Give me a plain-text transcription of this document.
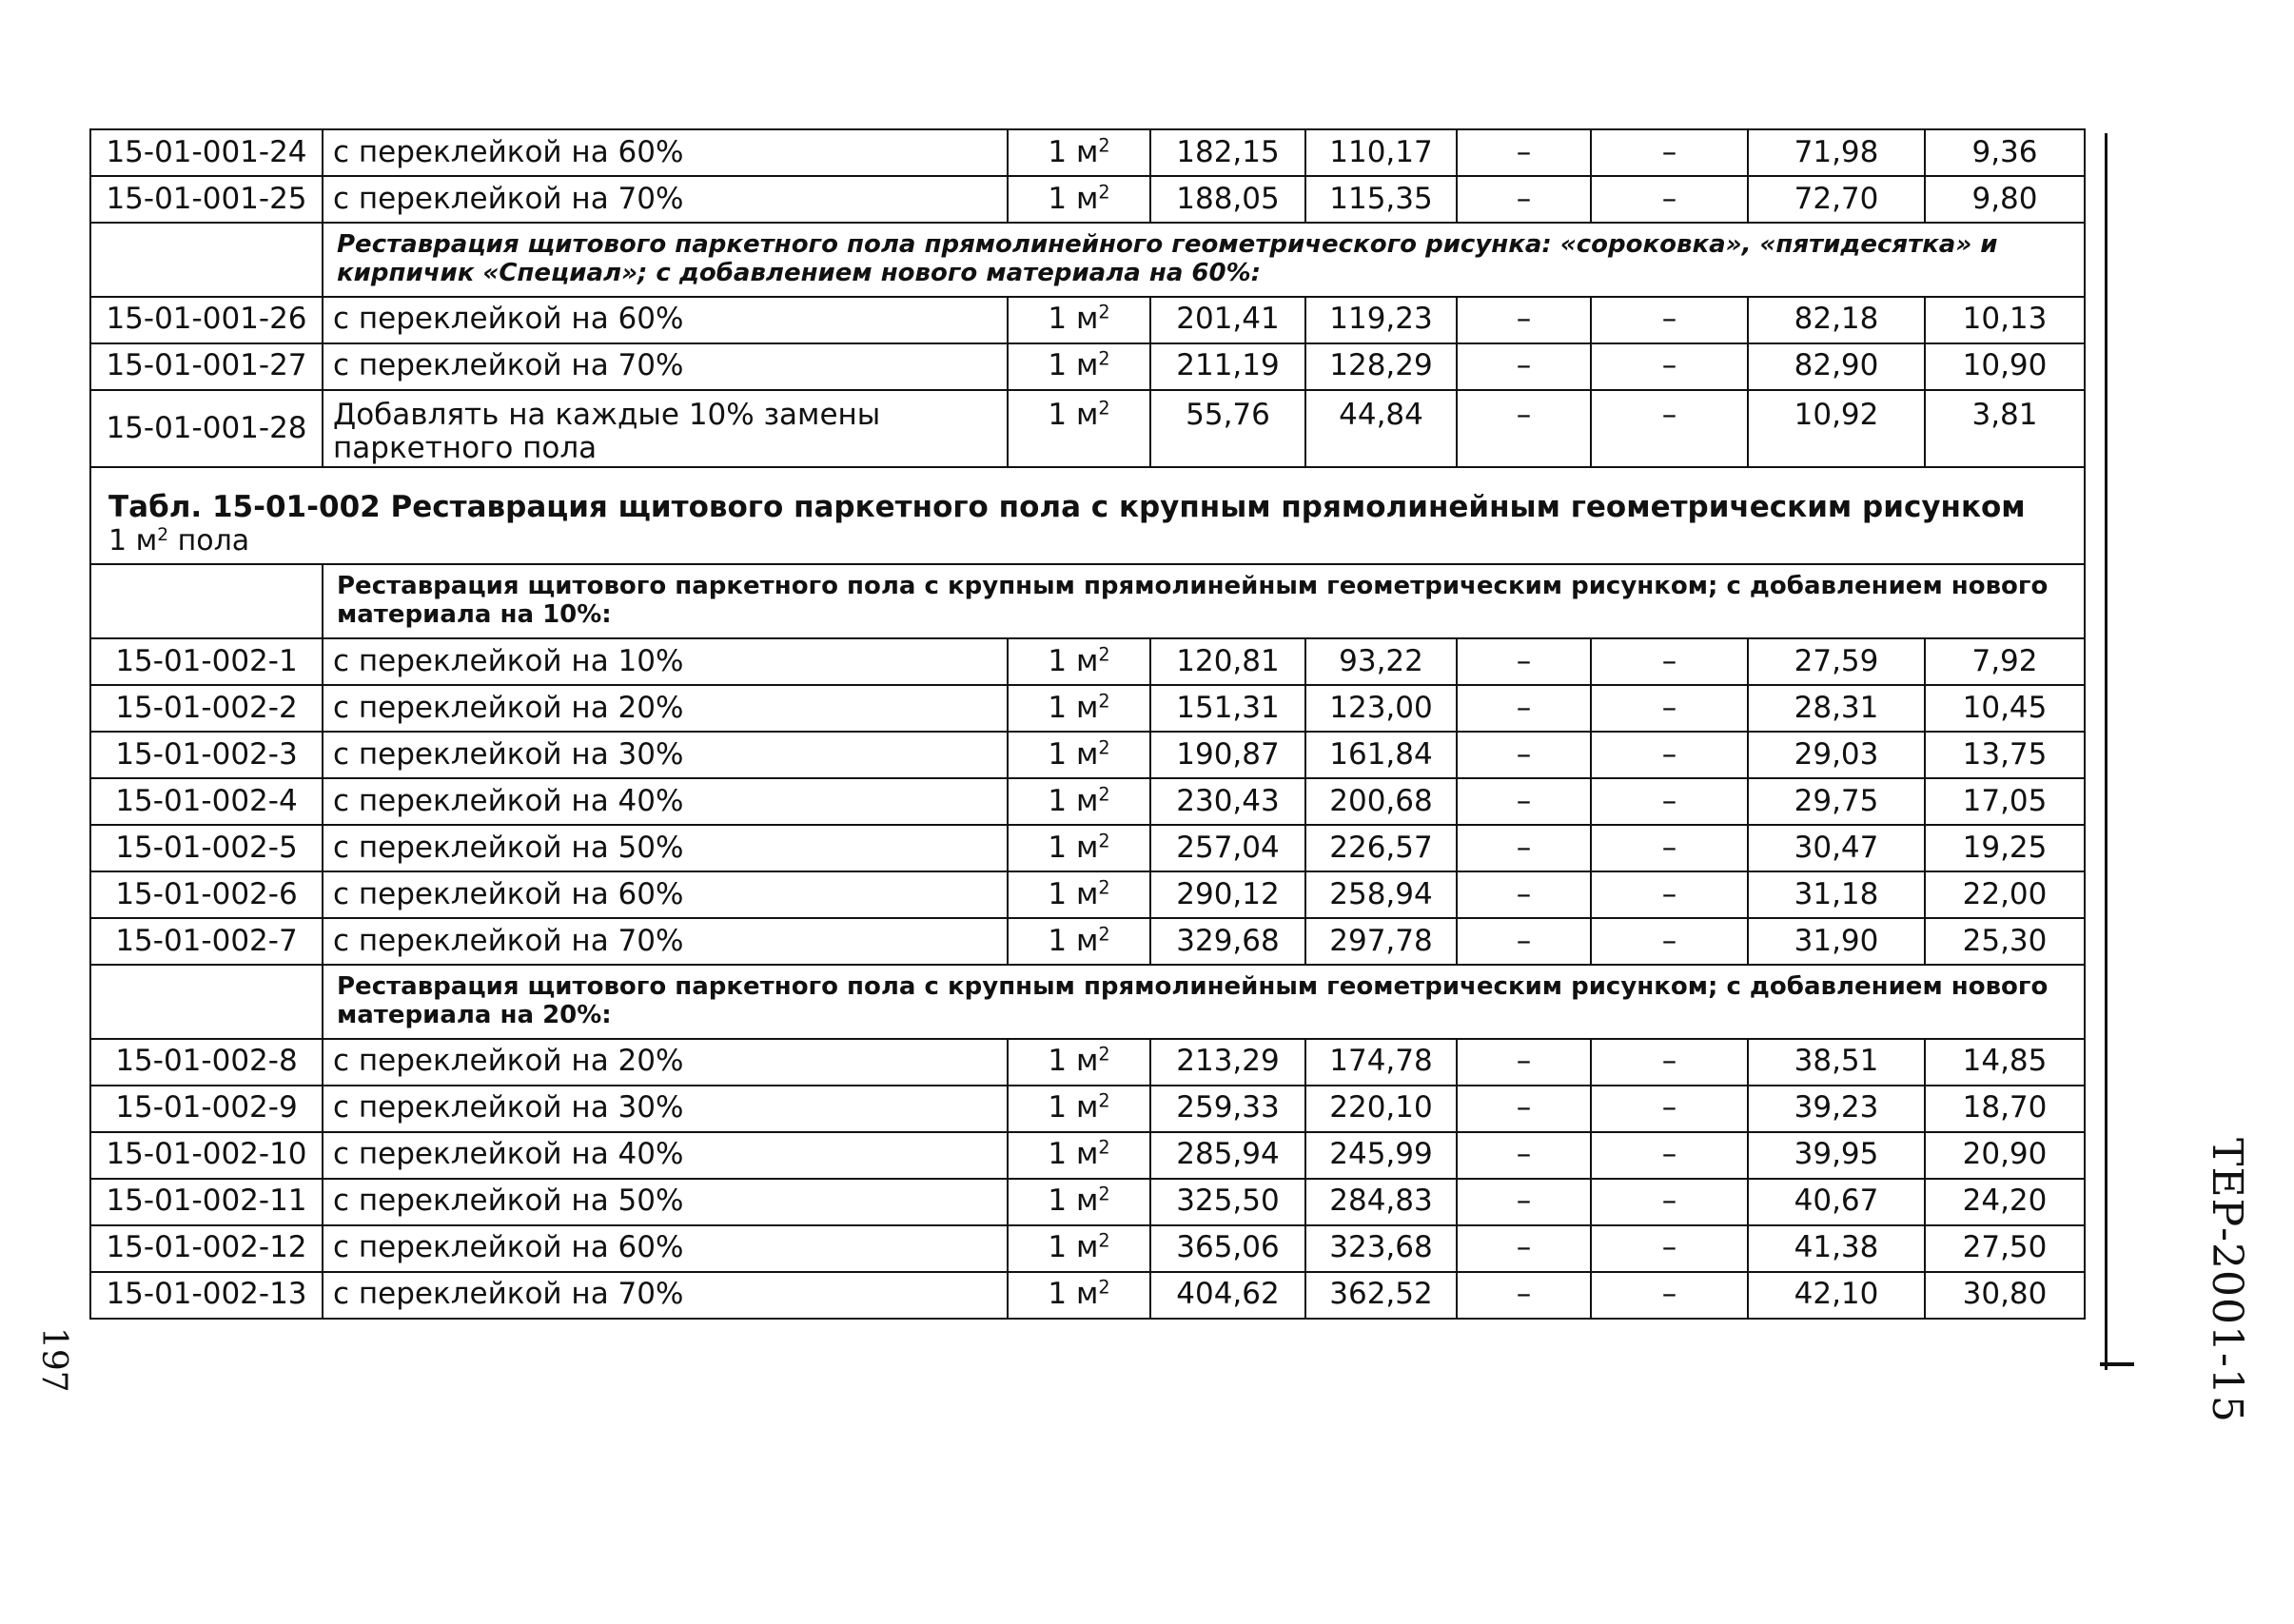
197	ТЕР-2001-15
15-01-001-24	с переклейкой на 60%	1 $м^2$	182,15	110,17	–	–	71,98	9,36
15-01-001-25	с переклейкой на 70%	1 $м^2$	188,05	115,35	–	–	72,70	9,80
	Реставрация щитового паркетного пола прямолинейного геометрического рисунка: «сороковка», «пятидесятка» и кирпичик «Специал»; с добавлением нового материала на 60%:							
15-01-001-26	с переклейкой на 60%	1 $м^2$	201,41	119,23	–	–	82,18	10,13
15-01-001-27	с переклейкой на 70%	1 $м^2$	211,19	128,29	–	–	82,90	10,90
15-01-001-28	Добавлять на каждые 10% замены паркетного пола	1 $м^2$	55,76	44,84	–	–	10,92	3,81

Табл. 15-01-002 Реставрация щитового паркетного пола с крупным прямолинейным геометрическим рисунком
1 $м^2$ пола								

	Реставрация щитового паркетного пола с крупным прямолинейным геометрическим рисунком; с добавлением нового материала на 10%:							
15-01-002-1	с переклейкой на 10%	1 $м^2$	120,81	93,22	–	–	27,59	7,92
15-01-002-2	с переклейкой на 20%	1 $м^2$	151,31	123,00	–	–	28,31	10,45
15-01-002-3	с переклейкой на 30%	1 $м^2$	190,87	161,84	–	–	29,03	13,75
15-01-002-4	с переклейкой на 40%	1 $м^2$	230,43	200,68	–	–	29,75	17,05
15-01-002-5	с переклейкой на 50%	1 $м^2$	257,04	226,57	–	–	30,47	19,25
15-01-002-6	с переклейкой на 60%	1 $м^2$	290,12	258,94	–	–	31,18	22,00
15-01-002-7	с переклейкой на 70%	1 $м^2$	329,68	297,78	–	–	31,90	25,30
	Реставрация щитового паркетного пола с крупным прямолинейным геометрическим рисунком; с добавлением нового материала на 20%:							
15-01-002-8	с переклейкой на 20%	1 $м^2$	213,29	174,78	–	–	38,51	14,85
15-01-002-9	с переклейкой на 30%	1 $м^2$	259,33	220,10	–	–	39,23	18,70
15-01-002-10	с переклейкой на 40%	1 $м^2$	285,94	245,99	–	–	39,95	20,90
15-01-002-11	с переклейкой на 50%	1 $м^2$	325,50	284,83	–	–	40,67	24,20
15-01-002-12	с переклейкой на 60%	1 $м^2$	365,06	323,68	–	–	41,38	27,50
15-01-002-13	с переклейкой на 70%	1 $м^2$	404,62	362,52	–	–	42,10	30,80
